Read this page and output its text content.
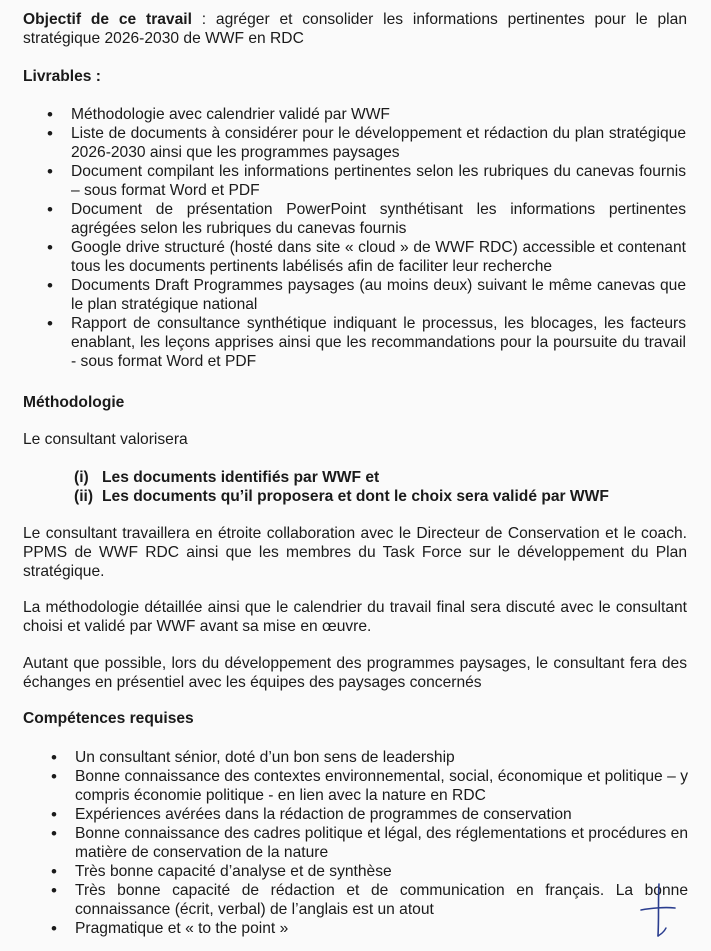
Objectif de ce travail : agréger et consolider les informations pertinentes pour le plan stratégique 2026-2030 de WWF en RDC

Livrables :

• Méthodologie avec calendrier validé par WWF
• Liste de documents à considérer pour le développement et rédaction du plan stratégique 2026-2030 ainsi que les programmes paysages
• Document compilant les informations pertinentes selon les rubriques du canevas fournis – sous format Word et PDF
• Document de présentation PowerPoint synthétisant les informations pertinentes agrégées selon les rubriques du canevas fournis
• Google drive structuré (hosté dans site « cloud » de WWF RDC) accessible et contenant tous les documents pertinents labélisés afin de faciliter leur recherche
• Documents Draft Programmes paysages (au moins deux) suivant le même canevas que le plan stratégique national
• Rapport de consultance synthétique indiquant le processus, les blocages, les facteurs enablant, les leçons apprises ainsi que les recommandations pour la poursuite du travail - sous format Word et PDF

Méthodologie

Le consultant valorisera

(i) Les documents identifiés par WWF et
(ii) Les documents qu’il proposera et dont le choix sera validé par WWF

Le consultant travaillera en étroite collaboration avec le Directeur de Conservation et le coach. PPMS de WWF RDC ainsi que les membres du Task Force sur le développement du Plan stratégique.

La méthodologie détaillée ainsi que le calendrier du travail final sera discuté avec le consultant choisi et validé par WWF avant sa mise en œuvre.

Autant que possible, lors du développement des programmes paysages, le consultant fera des échanges en présentiel avec les équipes des paysages concernés

Compétences requises

• Un consultant sénior, doté d’un bon sens de leadership
• Bonne connaissance des contextes environnemental, social, économique et politique – y compris économie politique - en lien avec la nature en RDC
• Expériences avérées dans la rédaction de programmes de conservation
• Bonne connaissance des cadres politique et légal, des réglementations et procédures en matière de conservation de la nature
• Très bonne capacité d’analyse et de synthèse
• Très bonne capacité de rédaction et de communication en français. La bonne connaissance (écrit, verbal) de l’anglais est un atout
• Pragmatique et « to the point »
